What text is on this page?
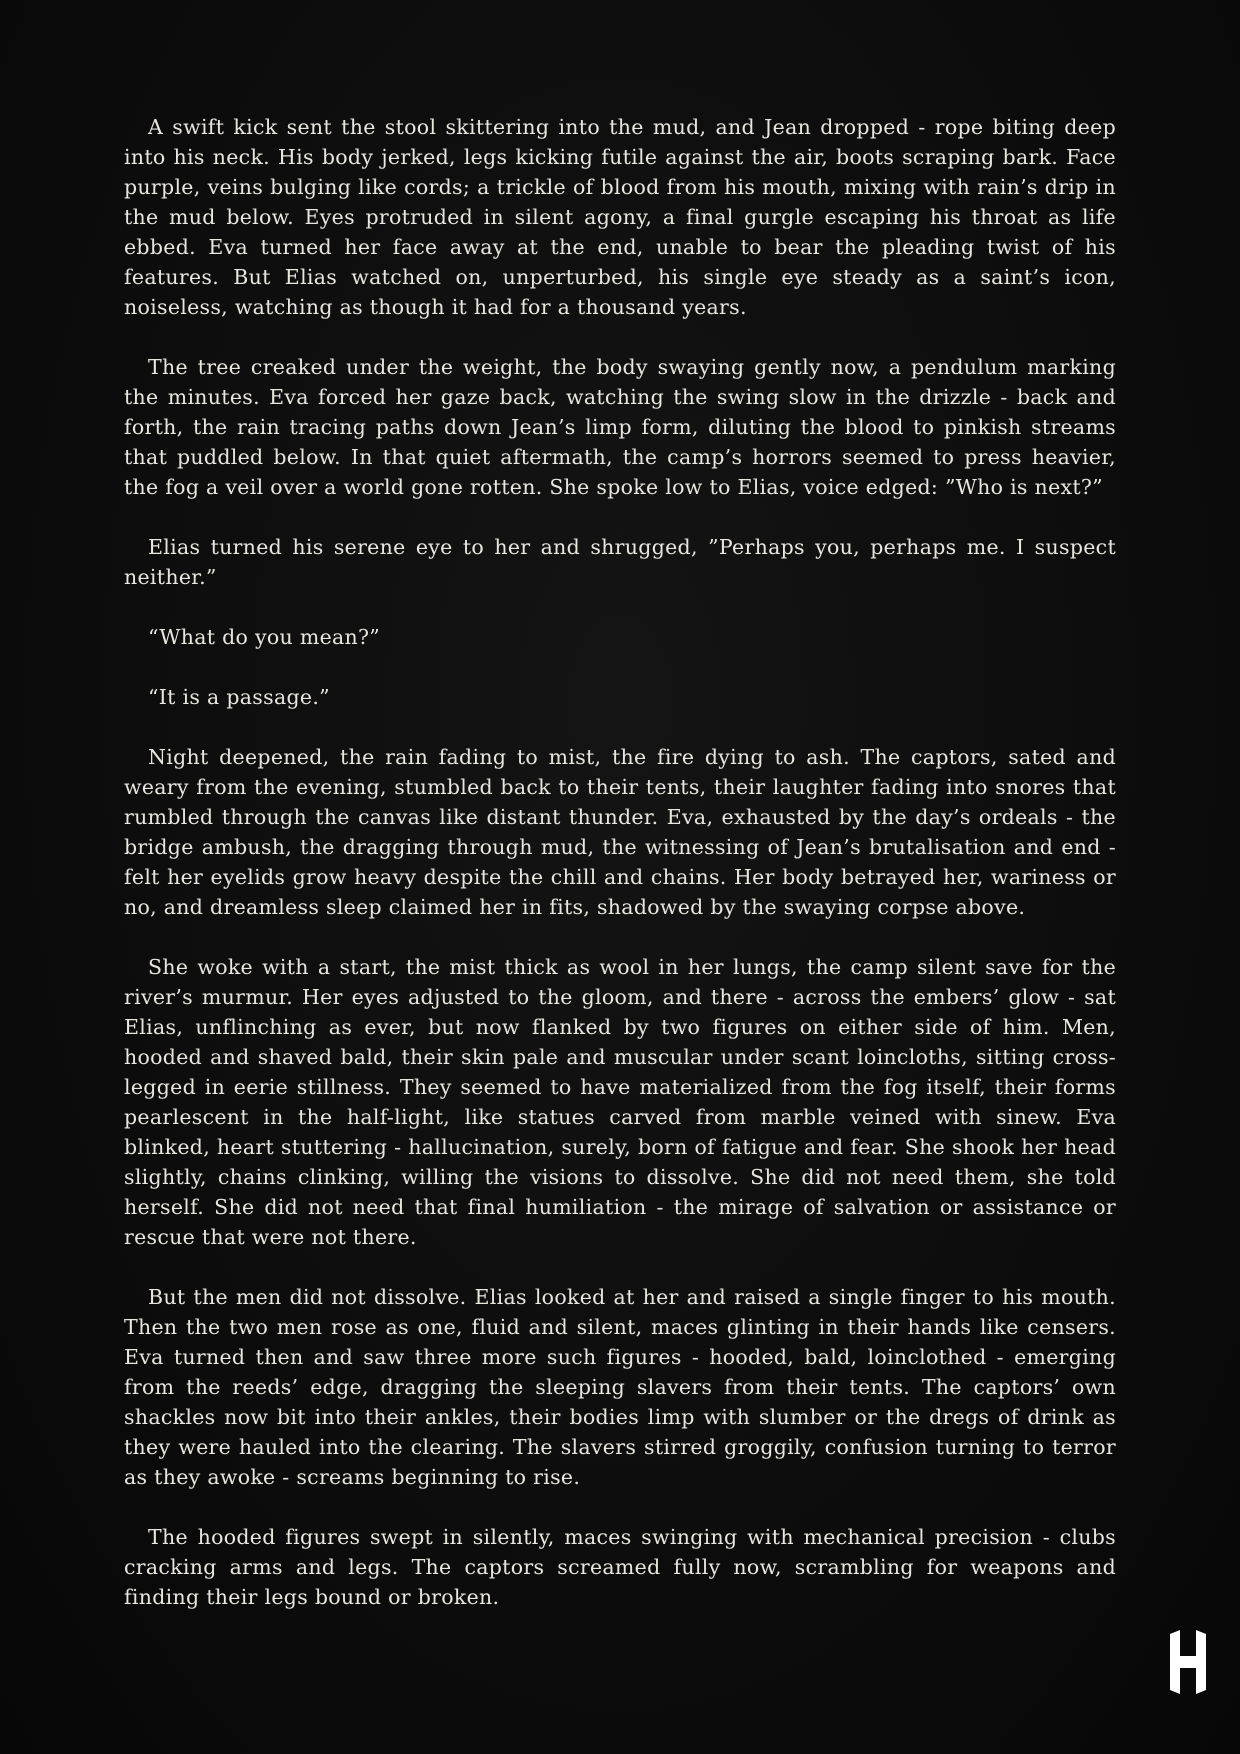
A swift kick sent the stool skittering into the mud, and Jean dropped - rope biting deep into his neck. His body jerked, legs kicking futile against the air, boots scraping bark. Face purple, veins bulging like cords; a trickle of blood from his mouth, mixing with rain’s drip in the mud below. Eyes protruded in silent agony, a final gurgle escaping his throat as life ebbed. Eva turned her face away at the end, unable to bear the pleading twist of his features. But Elias watched on, unperturbed, his single eye steady as a saint’s icon, noiseless, watching as though it had for a thousand years.

The tree creaked under the weight, the body swaying gently now, a pendulum marking the minutes. Eva forced her gaze back, watching the swing slow in the drizzle - back and forth, the rain tracing paths down Jean’s limp form, diluting the blood to pinkish streams that puddled below. In that quiet aftermath, the camp’s horrors seemed to press heavier, the fog a veil over a world gone rotten. She spoke low to Elias, voice edged: ”Who is next?”

Elias turned his serene eye to her and shrugged, ”Perhaps you, perhaps me. I suspect neither.”

“What do you mean?”

“It is a passage.”

Night deepened, the rain fading to mist, the fire dying to ash. The captors, sated and weary from the evening, stumbled back to their tents, their laughter fading into snores that rumbled through the canvas like distant thunder. Eva, exhausted by the day’s ordeals - the bridge ambush, the dragging through mud, the witnessing of Jean’s brutalisation and end - felt her eyelids grow heavy despite the chill and chains. Her body betrayed her, wariness or no, and dreamless sleep claimed her in fits, shadowed by the swaying corpse above.

She woke with a start, the mist thick as wool in her lungs, the camp silent save for the river’s murmur. Her eyes adjusted to the gloom, and there - across the embers’ glow - sat Elias, unflinching as ever, but now flanked by two figures on either side of him. Men, hooded and shaved bald, their skin pale and muscular under scant loincloths, sitting cross-legged in eerie stillness. They seemed to have materialized from the fog itself, their forms pearlescent in the half-light, like statues carved from marble veined with sinew. Eva blinked, heart stuttering - hallucination, surely, born of fatigue and fear. She shook her head slightly, chains clinking, willing the visions to dissolve. She did not need them, she told herself. She did not need that final humiliation - the mirage of salvation or assistance or rescue that were not there.

But the men did not dissolve. Elias looked at her and raised a single finger to his mouth. Then the two men rose as one, fluid and silent, maces glinting in their hands like censers. Eva turned then and saw three more such figures - hooded, bald, loinclothed - emerging from the reeds’ edge, dragging the sleeping slavers from their tents. The captors’ own shackles now bit into their ankles, their bodies limp with slumber or the dregs of drink as they were hauled into the clearing. The slavers stirred groggily, confusion turning to terror as they awoke - screams beginning to rise.

The hooded figures swept in silently, maces swinging with mechanical precision - clubs cracking arms and legs. The captors screamed fully now, scrambling for weapons and finding their legs bound or broken.
